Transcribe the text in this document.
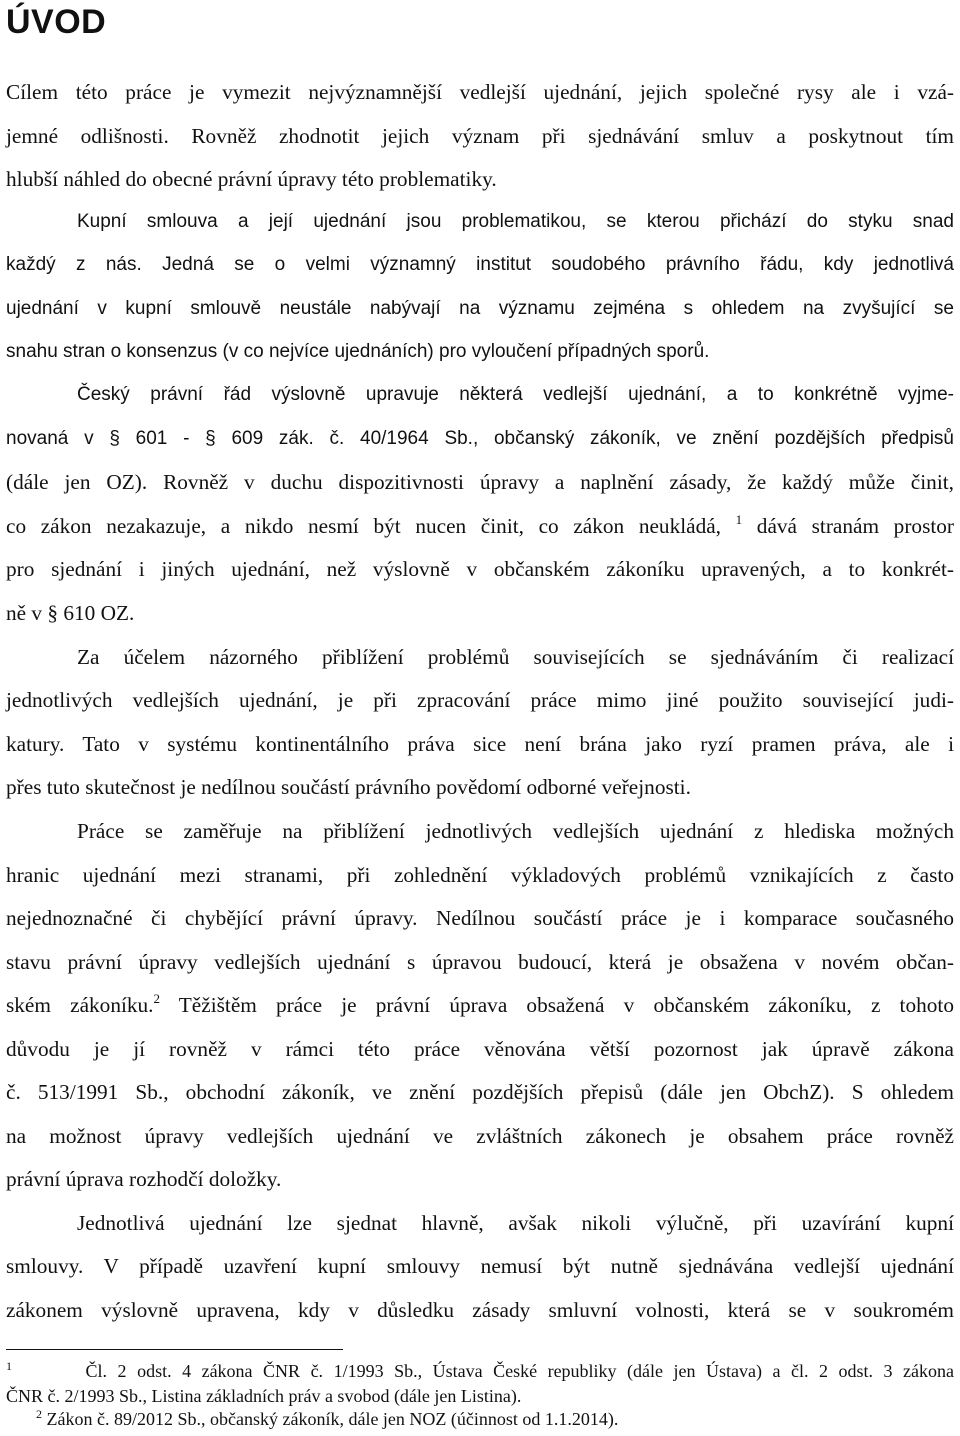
ÚVOD
Cílem této práce je vymezit nejvýznamnější vedlejší ujednání, jejich společné rysy ale i vzá-
jemné odlišnosti. Rovněž zhodnotit jejich význam při sjednávání smluv a poskytnout tím
hlubší náhled do obecné právní úpravy této problematiky.
Kupní smlouva a její ujednání jsou problematikou, se kterou přichází do styku snad
každý z nás. Jedná se o velmi významný institut soudobého právního řádu, kdy jednotlivá
ujednání v kupní smlouvě neustále nabývají na významu zejména s ohledem na zvyšující se
snahu stran o konsenzus (v co nejvíce ujednáních) pro vyloučení případných sporů.
Český právní řád výslovně upravuje některá vedlejší ujednání, a to konkrétně vyjme-
novaná v § 601 - § 609 zák. č. 40/1964 Sb., občanský zákoník, ve znění pozdějších předpisů
(dále jen OZ). Rovněž v duchu dispozitivnosti úpravy a naplnění zásady, že každý může činit,
co zákon nezakazuje, a nikdo nesmí být nucen činit, co zákon neukládá, $^1$ dává stranám prostor
pro sjednání i jiných ujednání, než výslovně v občanském zákoníku upravených, a to konkrét-
ně v § 610 OZ.
Za účelem názorného přiblížení problémů souvisejících se sjednáváním či realizací
jednotlivých vedlejších ujednání, je při zpracování práce mimo jiné použito související judi-
katury. Tato v systému kontinentálního práva sice není brána jako ryzí pramen práva, ale i
přes tuto skutečnost je nedílnou součástí právního povědomí odborné veřejnosti.
Práce se zaměřuje na přiblížení jednotlivých vedlejších ujednání z hlediska možných
hranic ujednání mezi stranami, při zohlednění výkladových problémů vznikajících z často
nejednoznačné či chybějící právní úpravy. Nedílnou součástí práce je i komparace současného
stavu právní úpravy vedlejších ujednání s úpravou budoucí, která je obsažena v novém občan-
ském zákoníku.$^2$ Těžištěm práce je právní úprava obsažená v občanském zákoníku, z tohoto
důvodu je jí rovněž v rámci této práce věnována větší pozornost jak úpravě zákona
č. 513/1991 Sb., obchodní zákoník, ve znění pozdějších přepisů (dále jen ObchZ). S ohledem
na možnost úpravy vedlejších ujednání ve zvláštních zákonech je obsahem práce rovněž
právní úprava rozhodčí doložky.
Jednotlivá ujednání lze sjednat hlavně, avšak nikoli výlučně, při uzavírání kupní
smlouvy. V případě uzavření kupní smlouvy nemusí být nutně sjednávána vedlejší ujednání
zákonem výslovně upravena, kdy v důsledku zásady smluvní volnosti, která se v soukromém
$^1$	Čl. 2 odst. 4 zákona ČNR č. 1/1993 Sb., Ústava České republiky (dále jen Ústava) a čl. 2 odst. 3 zákona
ČNR č. 2/1993 Sb., Listina základních práv a svobod (dále jen Listina).
$^2$ Zákon č. 89/2012 Sb., občanský zákoník, dále jen NOZ (účinnost od 1.1.2014).
